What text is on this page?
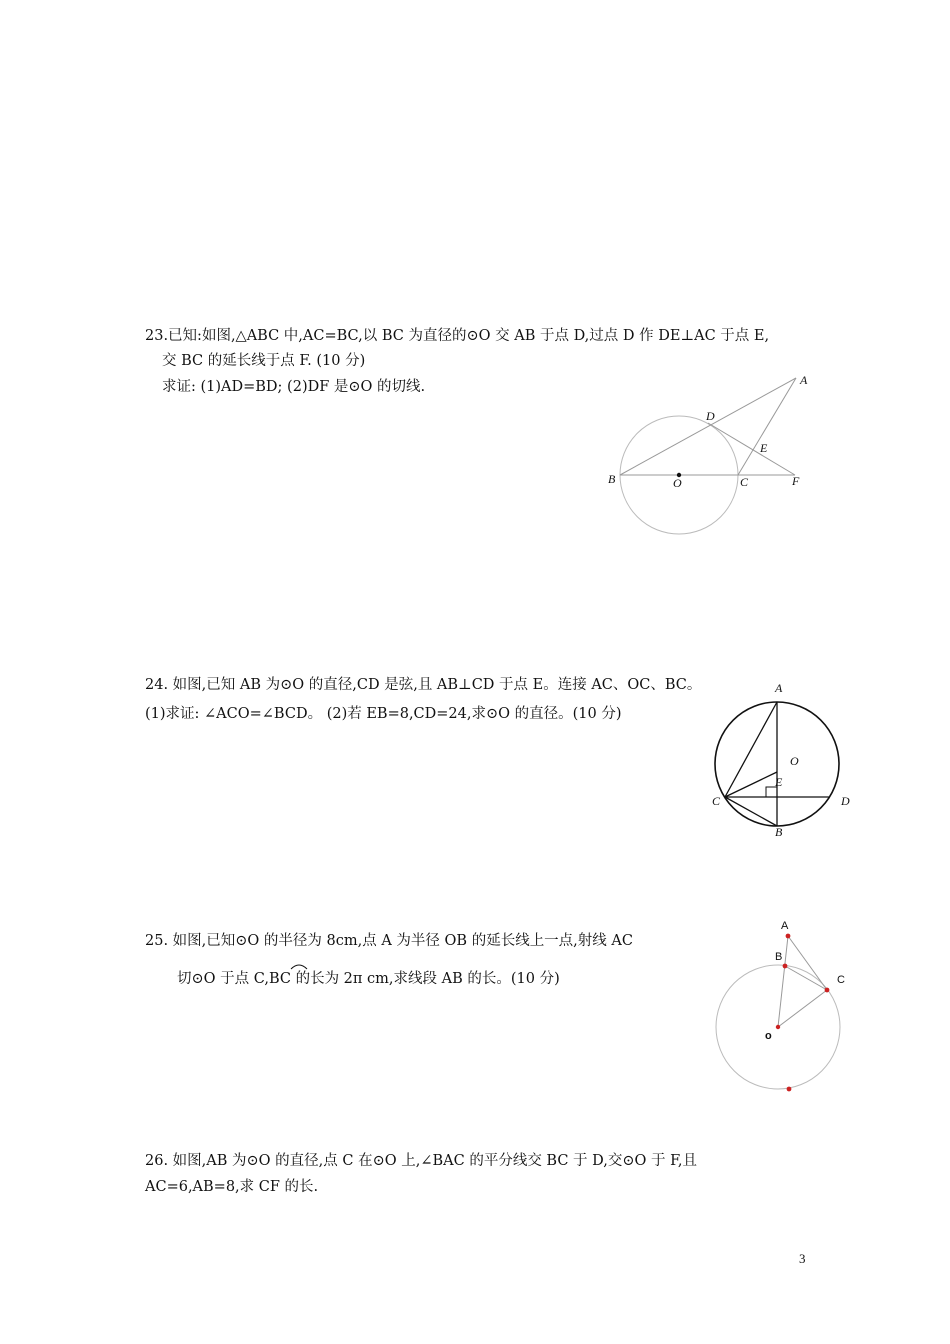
23.已知:如图,△ABC 中,AC=BC,以 BC 为直径的⊙O 交 AB 于点 D,过点 D 作 DE⊥AC 于点 E,
交 BC 的延长线于点 F. (10 分)
求证: (1)AD=BD; (2)DF 是⊙O 的切线.	A
D
E
B	O	C	F
24. 如图,已知 AB 为⊙O 的直径,CD 是弦,且 AB⊥CD 于点 E。连接 AC、OC、BC。
(1)求证: ∠ACO=∠BCD。 (2)若 EB=8,CD=24,求⊙O 的直径。(10 分)
A
O
E
C	D
B
25. 如图,已知⊙O 的半径为 8cm,点 A 为半径 OB 的延长线上一点,射线 AC
切⊙O 于点 C,BC 的长为 2π cm,求线段 AB 的长。(10 分)
A
B
C
o
26. 如图,AB 为⊙O 的直径,点 C 在⊙O 上,∠BAC 的平分线交 BC 于 D,交⊙O 于 F,且
AC=6,AB=8,求 CF 的长.
3
